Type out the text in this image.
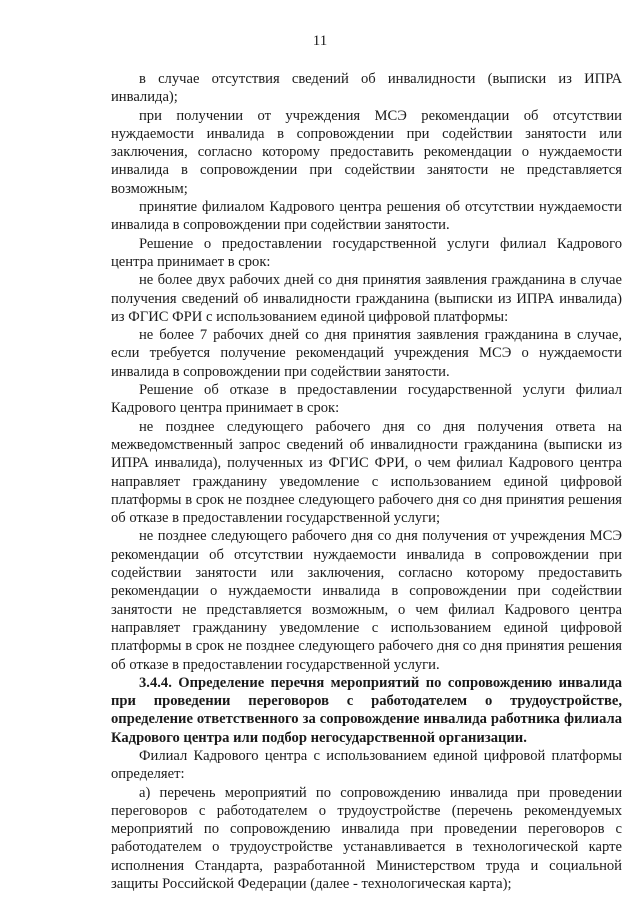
11

в случае отсутствия сведений об инвалидности (выписки из ИПРА инвалида);

при получении от учреждения МСЭ рекомендации об отсутствии нуждаемости инвалида в сопровождении при содействии занятости или заключения, согласно которому предоставить рекомендации о нуждаемости инвалида в сопровождении при содействии занятости не представляется возможным;

принятие филиалом Кадрового центра решения об отсутствии нуждаемости инвалида в сопровождении при содействии занятости.

Решение о предоставлении государственной услуги филиал Кадрового центра принимает в срок:

не более двух рабочих дней со дня принятия заявления гражданина в случае получения сведений об инвалидности гражданина (выписки из ИПРА инвалида) из ФГИС ФРИ с использованием единой цифровой платформы:

не более 7 рабочих дней со дня принятия заявления гражданина в случае, если требуется получение рекомендаций учреждения МСЭ о нуждаемости инвалида в сопровождении при содействии занятости.

Решение об отказе в предоставлении государственной услуги филиал Кадрового центра принимает в срок:

не позднее следующего рабочего дня со дня получения ответа на межведомственный запрос сведений об инвалидности гражданина (выписки из ИПРА инвалида), полученных из ФГИС ФРИ, о чем филиал Кадрового центра направляет гражданину уведомление с использованием единой цифровой платформы в срок не позднее следующего рабочего дня со дня принятия решения об отказе в предоставлении государственной услуги;

не позднее следующего рабочего дня со дня получения от учреждения МСЭ рекомендации об отсутствии нуждаемости инвалида в сопровождении при содействии занятости или заключения, согласно которому предоставить рекомендации о нуждаемости инвалида в сопровождении при содействии занятости не представляется возможным, о чем филиал Кадрового центра направляет гражданину уведомление с использованием единой цифровой платформы в срок не позднее следующего рабочего дня со дня принятия решения об отказе в предоставлении государственной услуги.

3.4.4. Определение перечня мероприятий по сопровождению инвалида при проведении переговоров с работодателем о трудоустройстве, определение ответственного за сопровождение инвалида работника филиала Кадрового центра или подбор негосударственной организации.

Филиал Кадрового центра с использованием единой цифровой платформы определяет:

а) перечень мероприятий по сопровождению инвалида при проведении переговоров с работодателем о трудоустройстве (перечень рекомендуемых мероприятий по сопровождению инвалида при проведении переговоров с работодателем о трудоустройстве устанавливается в технологической карте исполнения Стандарта, разработанной Министерством труда и социальной защиты Российской Федерации (далее - технологическая карта);
